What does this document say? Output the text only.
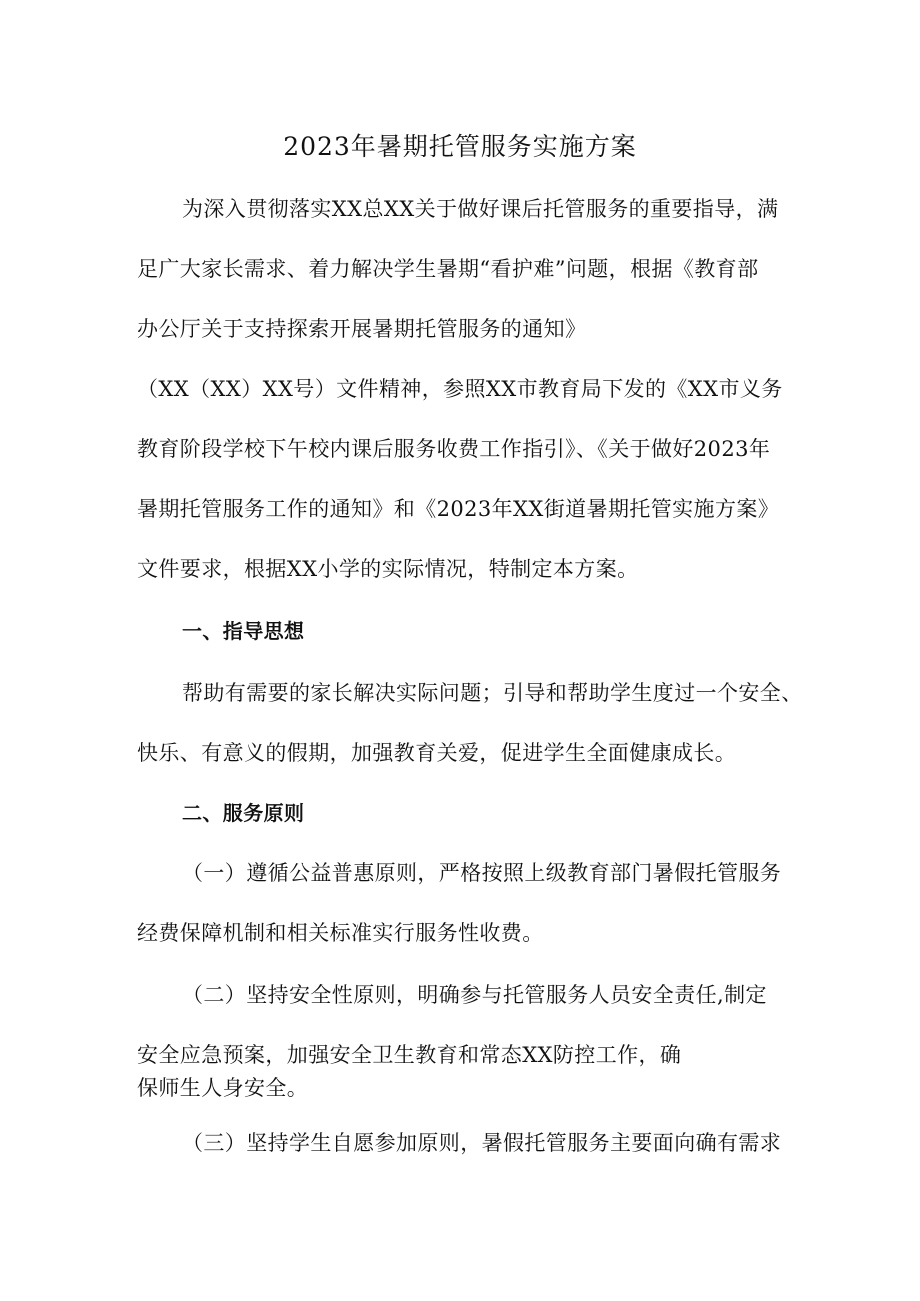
2023年暑期托管服务实施方案
为深入贯彻落实XX总XX关于做好课后托管服务的重要指导，满
足广大家长需求、着力解决学生暑期“看护难”问题，根据《教育部
办公厅关于支持探索开展暑期托管服务的通知》
（XX（XX）XX号）文件精神，参照XX市教育局下发的《XX市义务
教育阶段学校下午校内课后服务收费工作指引》、《关于做好2023年
暑期托管服务工作的通知》和《2023年XX街道暑期托管实施方案》
文件要求，根据XX小学的实际情况，特制定本方案。
一、指导思想
帮助有需要的家长解决实际问题；引导和帮助学生度过一个安全、
快乐、有意义的假期，加强教育关爱，促进学生全面健康成长。
二、服务原则
（一）遵循公益普惠原则，严格按照上级教育部门暑假托管服务
经费保障机制和相关标准实行服务性收费。
（二）坚持安全性原则，明确参与托管服务人员安全责任,制定
安全应急预案，加强安全卫生教育和常态XX防控工作，确
保师生人身安全。
（三）坚持学生自愿参加原则，暑假托管服务主要面向确有需求
